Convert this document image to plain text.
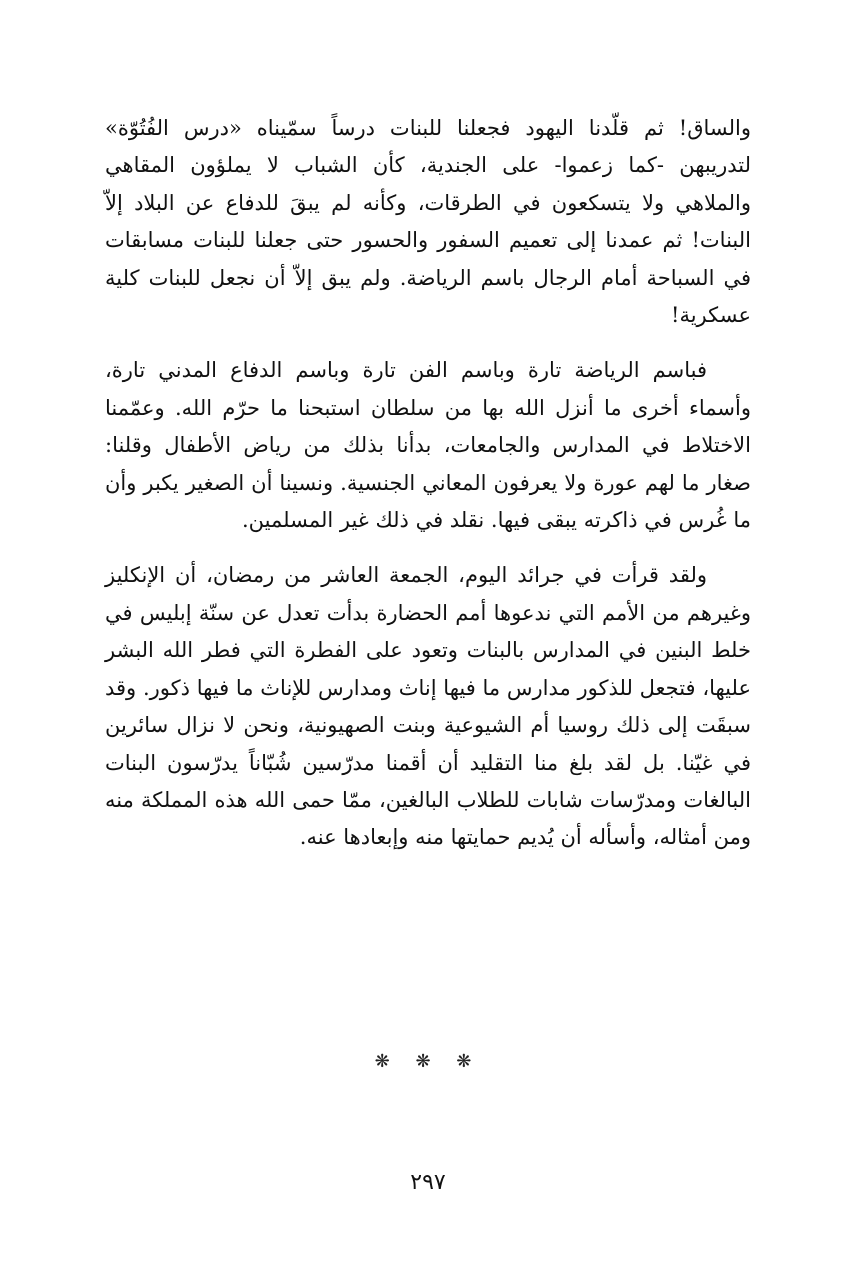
والساق! ثم قلّدنا اليهود فجعلنا للبنات درساً سمّيناه «درس الفُتُوّة» لتدريبهن -كما زعموا- على الجندية، كأن الشباب لا يملؤون المقاهي والملاهي ولا يتسكعون في الطرقات، وكأنه لم يبقَ للدفاع عن البلاد إلاّ البنات! ثم عمدنا إلى تعميم السفور والحسور حتى جعلنا للبنات مسابقات في السباحة أمام الرجال باسم الرياضة. ولم يبق إلاّ أن نجعل للبنات كلية عسكرية!

فباسم الرياضة تارة وباسم الفن تارة وباسم الدفاع المدني تارة، وأسماء أخرى ما أنزل الله بها من سلطان استبحنا ما حرّم الله. وعمّمنا الاختلاط في المدارس والجامعات، بدأنا بذلك من رياض الأطفال وقلنا: صغار ما لهم عورة ولا يعرفون المعاني الجنسية. ونسينا أن الصغير يكبر وأن ما غُرس في ذاكرته يبقى فيها. نقلد في ذلك غير المسلمين.

ولقد قرأت في جرائد اليوم، الجمعة العاشر من رمضان، أن الإنكليز وغيرهم من الأمم التي ندعوها أمم الحضارة بدأت تعدل عن سنّة إبليس في خلط البنين في المدارس بالبنات وتعود على الفطرة التي فطر الله البشر عليها، فتجعل للذكور مدارس ما فيها إناث ومدارس للإناث ما فيها ذكور. وقد سبقَت إلى ذلك روسيا أم الشيوعية وبنت الصهيونية، ونحن لا نزال سائرين في غيّنا. بل لقد بلغ منا التقليد أن أقمنا مدرّسين شُبّاناً يدرّسون البنات البالغات ومدرّسات شابات للطلاب البالغين، ممّا حمى الله هذه المملكة منه ومن أمثاله، وأسأله أن يُديم حمايتها منه وإبعادها عنه.

❋ ❋ ❋
٢٩٧
